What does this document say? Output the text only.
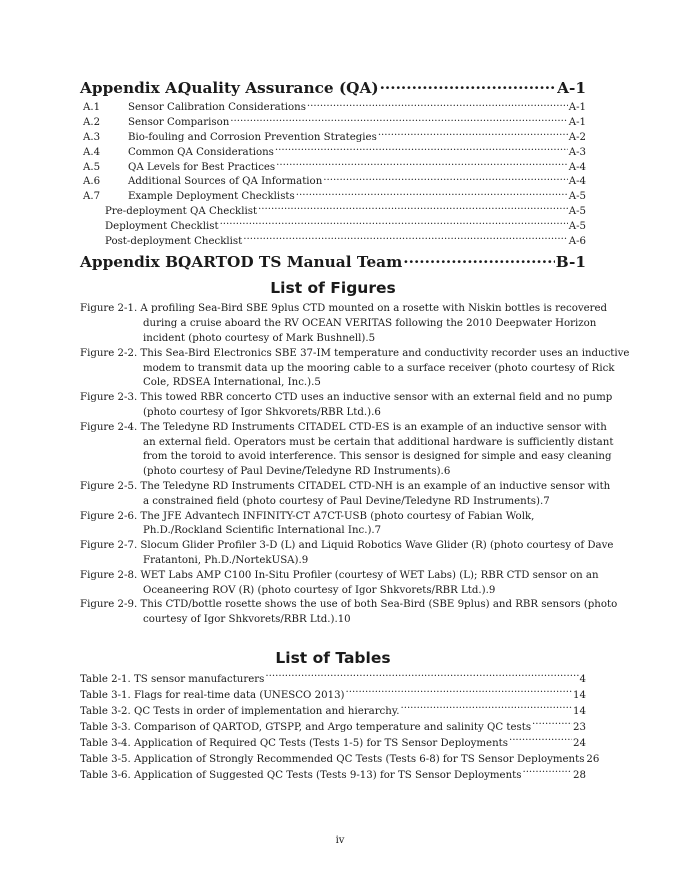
Appendix A.
Quality Assurance (QA) .....	A-1
A.1	Sensor Calibration Considerations .....	A-1
A.2	Sensor Comparison .....	A-1
A.3	Bio-fouling and Corrosion Prevention Strategies .....	A-2
A.4	Common QA Considerations .....	A-3
A.5	QA Levels for Best Practices .....	A-4
A.6	Additional Sources of QA Information .....	A-4
A.7	Example Deployment Checklists .....	A-5
Pre-deployment QA Checklist .....	A-5
Deployment Checklist .....	A-5
Post-deployment Checklist .....	A-6
Appendix B.
QARTOD TS Manual Team .....	B-1
List of Figures
Figure 2-1. A profiling Sea-Bird SBE 9plus CTD mounted on a rosette with Niskin bottles is recovered
during a cruise aboard the RV OCEAN VERITAS following the 2010 Deepwater Horizon
incident (photo courtesy of Mark Bushnell). 5
Figure 2-2. This Sea-Bird Electronics SBE 37-IM temperature and conductivity recorder uses an inductive
modem to transmit data up the mooring cable to a surface receiver (photo courtesy of Rick
Cole, RDSEA International, Inc.). 5
Figure 2-3. This towed RBR concerto CTD uses an inductive sensor with an external field and no pump
(photo courtesy of Igor Shkvorets/RBR Ltd.). 6
Figure 2-4. The Teledyne RD Instruments CITADEL CTD-ES is an example of an inductive sensor with
an external field. Operators must be certain that additional hardware is sufficiently distant
from the toroid to avoid interference. This sensor is designed for simple and easy cleaning
(photo courtesy of Paul Devine/Teledyne RD Instruments). 6
Figure 2-5. The Teledyne RD Instruments CITADEL CTD-NH is an example of an inductive sensor with
a constrained field (photo courtesy of Paul Devine/Teledyne RD Instruments). 7
Figure 2-6. The JFE Advantech INFINITY-CT A7CT-USB (photo courtesy of Fabian Wolk,
Ph.D./Rockland Scientific International Inc.). 7
Figure 2-7. Slocum Glider Profiler 3-D (L) and Liquid Robotics Wave Glider (R) (photo courtesy of Dave
Fratantoni, Ph.D./NortekUSA). 9
Figure 2-8. WET Labs AMP C100 In-Situ Profiler (courtesy of WET Labs) (L); RBR CTD sensor on an
Oceaneering ROV (R) (photo courtesy of Igor Shkvorets/RBR Ltd.). 9
Figure 2-9. This CTD/bottle rosette shows the use of both Sea-Bird (SBE 9plus) and RBR sensors (photo
courtesy of Igor Shkvorets/RBR Ltd.). 10
List of Tables
Table 2-1. TS sensor manufacturers .....	4
Table 3-1. Flags for real-time data (UNESCO 2013) .....	14
Table 3-2. QC Tests in order of implementation and hierarchy. .....	14
Table 3-3. Comparison of QARTOD, GTSPP, and Argo temperature and salinity QC tests .....	23
Table 3-4. Application of Required QC Tests (Tests 1-5) for TS Sensor Deployments .....	24
Table 3-5. Application of Strongly Recommended QC Tests (Tests 6-8) for TS Sensor Deployments 26
Table 3-6. Application of Suggested QC Tests (Tests 9-13) for TS Sensor Deployments .....	28
iv
